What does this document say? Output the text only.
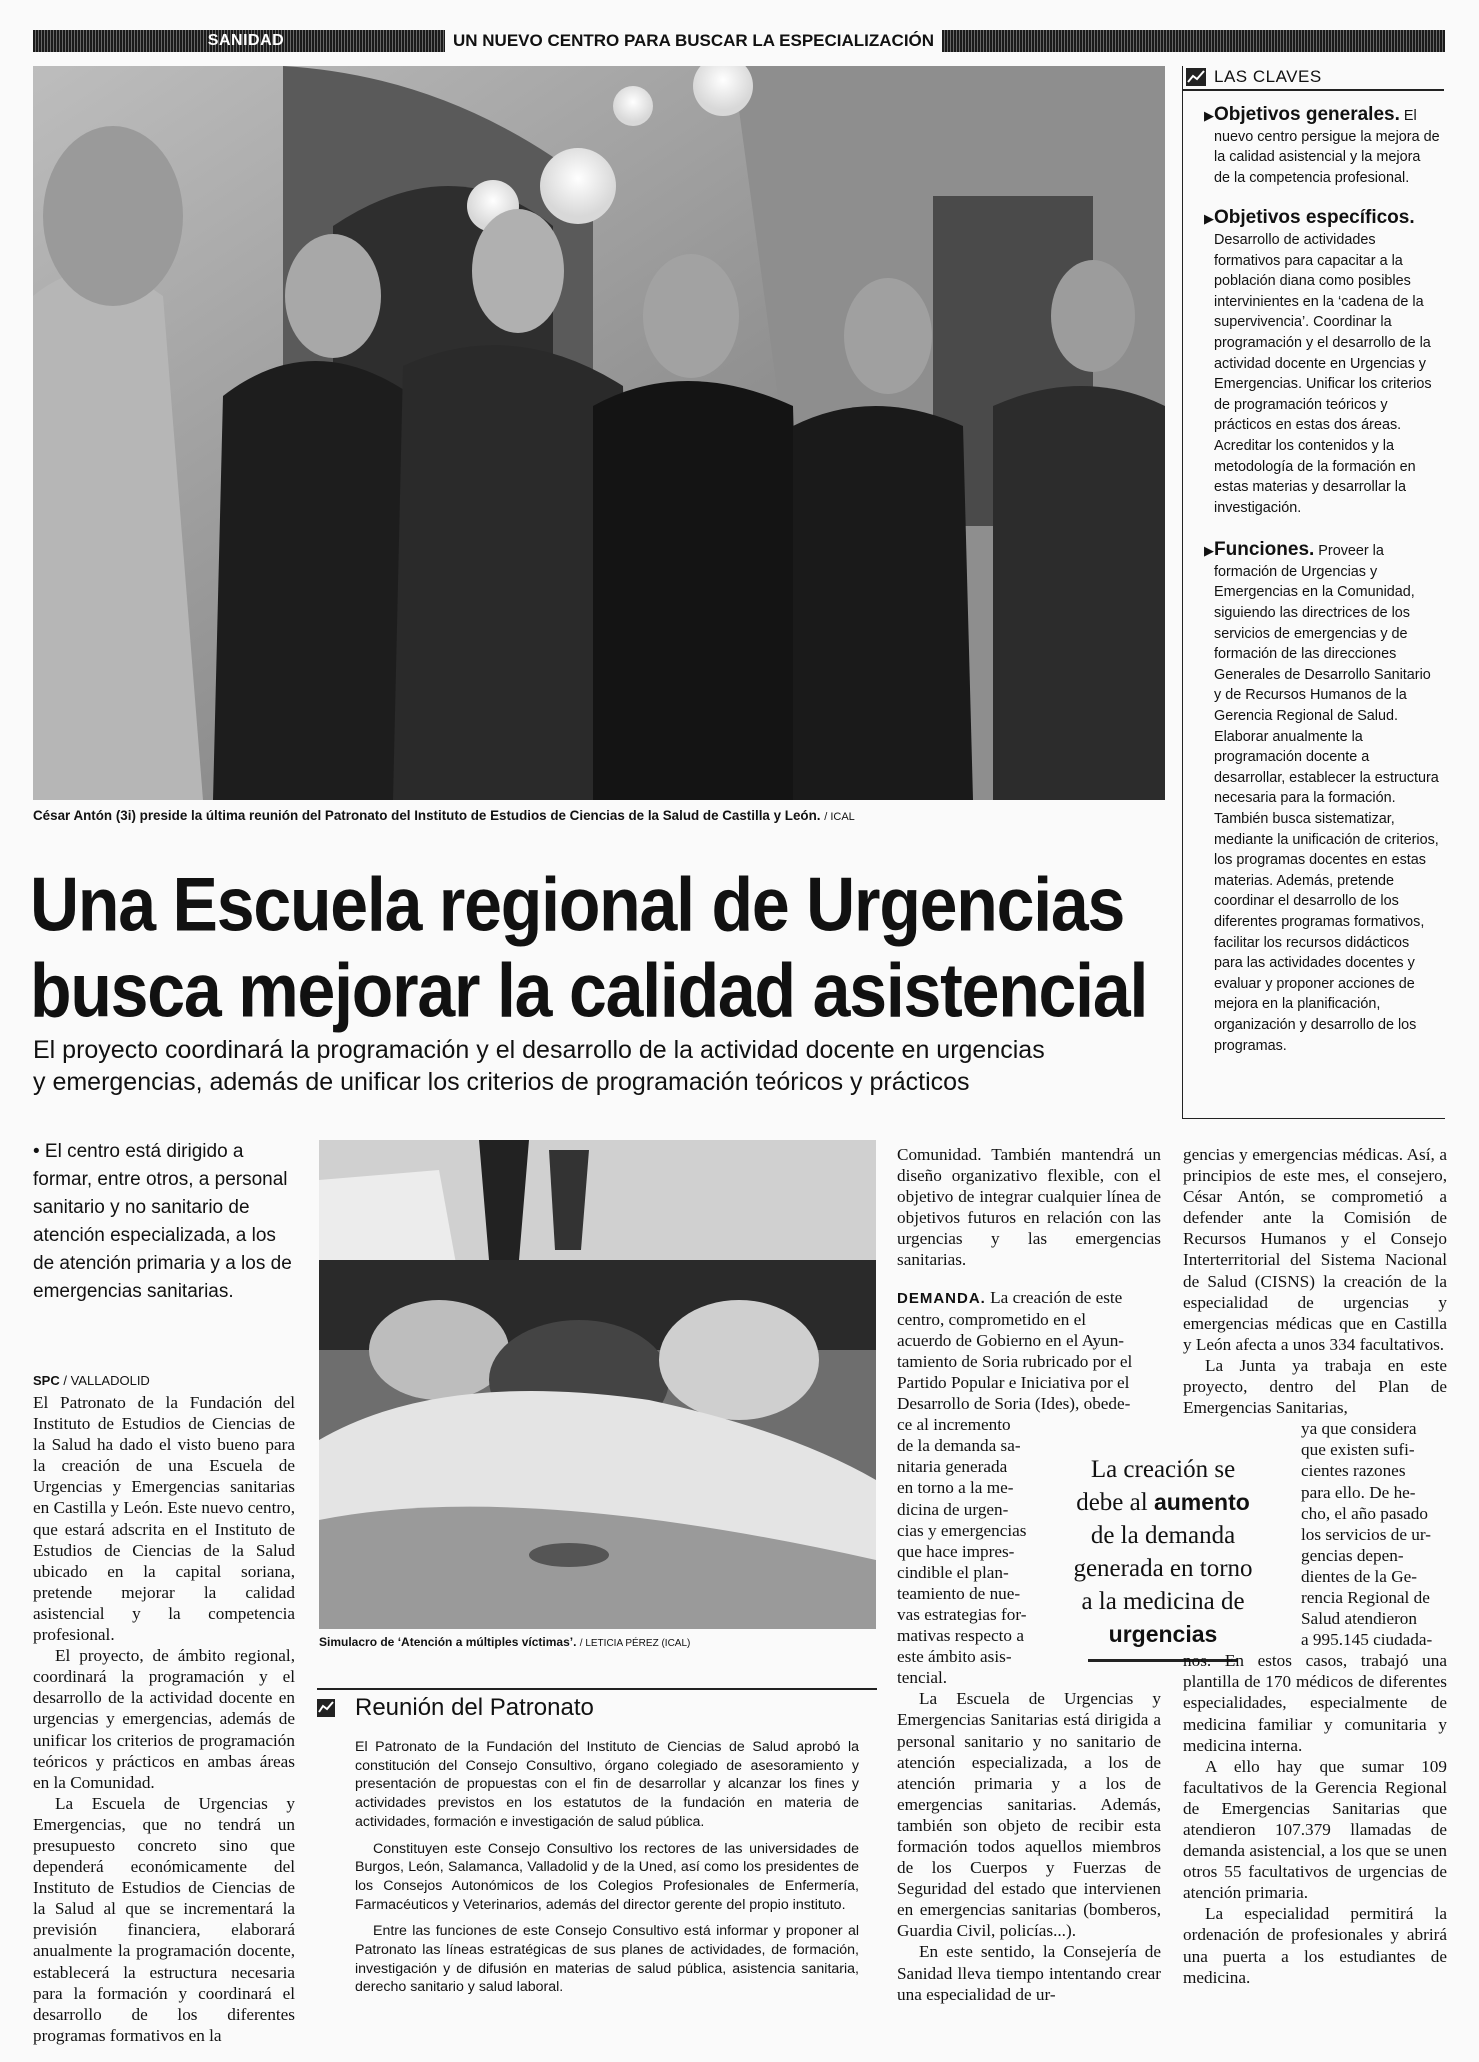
SANIDAD	UN NUEVO CENTRO PARA BUSCAR LA ESPECIALIZACIÓN
César Antón (3i) preside la última reunión del Patronato del Instituto de Estudios de Ciencias de la Salud de Castilla y León. / ICAL
LAS CLAVES

▶Objetivos generales. El nuevo centro persigue la mejora de la calidad asistencial y la mejora de la competencia profesional.

▶Objetivos específicos. Desarrollo de actividades formativos para capacitar a la población diana como posibles intervinientes en la ‘cadena de la supervivencia’. Coordinar la programación y el desarrollo de la actividad docente en Urgencias y Emergencias. Unificar los criterios de programación teóricos y prácticos en estas dos áreas. Acreditar los contenidos y la metodología de la formación en estas materias y desarrollar la investigación.

▶Funciones. Proveer la formación de Urgencias y Emergencias en la Comunidad, siguiendo las directrices de los servicios de emergencias y de formación de las direcciones Generales de Desarrollo Sanitario y de Recursos Humanos de la Gerencia Regional de Salud. Elaborar anualmente la programación docente a desarrollar, establecer la estructura necesaria para la formación. También busca sistematizar, mediante la unificación de criterios, los programas docentes en estas materias. Además, pretende coordinar el desarrollo de los diferentes programas formativos, facilitar los recursos didácticos para las actividades docentes y evaluar y proponer acciones de mejora en la planificación, organización y desarrollo de los programas.

Una Escuela regional de Urgencias
busca mejorar la calidad asistencial
El proyecto coordinará la programación y el desarrollo de la actividad docente en urgencias
y emergencias, además de unificar los criterios de programación teóricos y prácticos
• El centro está dirigido a formar, entre otros, a personal sanitario y no sanitario de atención especializada, a los de atención primaria y a los de emergencias sanitarias.
SPC / VALLADOLID

El Patronato de la Fundación del Instituto de Estudios de Ciencias de la Salud ha dado el visto bueno para la creación de una Escuela de Urgencias y Emergencias sanitarias en Castilla y León. Este nuevo centro, que estará adscrita en el Instituto de Estudios de Ciencias de la Salud ubicado en la capital soriana, pretende mejorar la calidad asistencial y la competencia profesional.

El proyecto, de ámbito regional, coordinará la programación y el desarrollo de la actividad docente en urgencias y emergencias, además de unificar los criterios de programación teóricos y prácticos en ambas áreas en la Comunidad.

La Escuela de Urgencias y Emergencias, que no tendrá un presupuesto concreto sino que dependerá económicamente del Instituto de Estudios de Ciencias de la Salud al que se incrementará la previsión financiera, elaborará anualmente la programación docente, establecerá la estructura necesaria para la formación y coordinará el desarrollo de los diferentes programas formativos en la

Simulacro de ‘Atención a múltiples víctimas’. / LETICIA PÉREZ (ICAL)
Reunión del Patronato

El Patronato de la Fundación del Instituto de Ciencias de Salud aprobó la constitución del Consejo Consultivo, órgano colegiado de asesoramiento y presentación de propuestas con el fin de desarrollar y alcanzar los fines y actividades previstos en los estatutos de la fundación en materia de actividades, formación e investigación de salud pública.

Constituyen este Consejo Consultivo los rectores de las universidades de Burgos, León, Salamanca, Valladolid y de la Uned, así como los presidentes de los Consejos Autonómicos de los Colegios Profesionales de Enfermería, Farmacéuticos y Veterinarios, además del director gerente del propio instituto.

Entre las funciones de este Consejo Consultivo está informar y proponer al Patronato las líneas estratégicas de sus planes de actividades, de formación, investigación y de difusión en materias de salud pública, asistencia sanitaria, derecho sanitario y salud laboral.

Comunidad. También mantendrá un diseño organizativo flexible, con el objetivo de integrar cualquier línea de objetivos futuros en relación con las urgencias y las emergencias sanitarias.

DEMANDA. La creación de este
centro, comprometido en el
acuerdo de Gobierno en el Ayun-
tamiento de Soria rubricado por el
Partido Popular e Iniciativa por el
Desarrollo de Soria (Ides), obede-
ce al incremento
de la demanda sa-
nitaria generada
en torno a la me-
dicina de urgen-
cias y emergencias
que hace impres-
cindible el plan-
teamiento de nue-
vas estrategias for-
mativas respecto a
este ámbito asis-
tencial.

La Escuela de Urgencias y Emergencias Sanitarias está dirigida a personal sanitario y no sanitario de atención especializada, a los de atención primaria y a los de emergencias sanitarias. Además, también son objeto de recibir esta formación todos aquellos miembros de los Cuerpos y Fuerzas de Seguridad del estado que intervienen en emergencias sanitarias (bomberos, Guardia Civil, policías...).

En este sentido, la Consejería de Sanidad lleva tiempo intentando crear una especialidad de ur-

La creación se
debe al aumento
de la demanda
generada en torno
a la medicina de
urgencias

gencias y emergencias médicas. Así, a principios de este mes, el consejero, César Antón, se comprometió a defender ante la Comisión de Recursos Humanos y el Consejo Interterritorial del Sistema Nacional de Salud (CISNS) la creación de la especialidad de urgencias y emergencias médicas que en Castilla y León afecta a unos 334 facultativos.

La Junta ya trabaja en este proyecto, dentro del Plan de Emergencias Sanitarias,

ya que considera
que existen sufi-
cientes razones
para ello. De he-
cho, el año pasado
los servicios de ur-
gencias depen-
dientes de la Ge-
rencia Regional de
Salud atendieron
a 995.145 ciudada-

nos. En estos casos, trabajó una plantilla de 170 médicos de diferentes especialidades, especialmente de medicina familiar y comunitaria y medicina interna.

A ello hay que sumar 109 facultativos de la Gerencia Regional de Emergencias Sanitarias que atendieron 107.379 llamadas de demanda asistencial, a los que se unen otros 55 facultativos de urgencias de atención primaria.

La especialidad permitirá la ordenación de profesionales y abrirá una puerta a los estudiantes de medicina.
